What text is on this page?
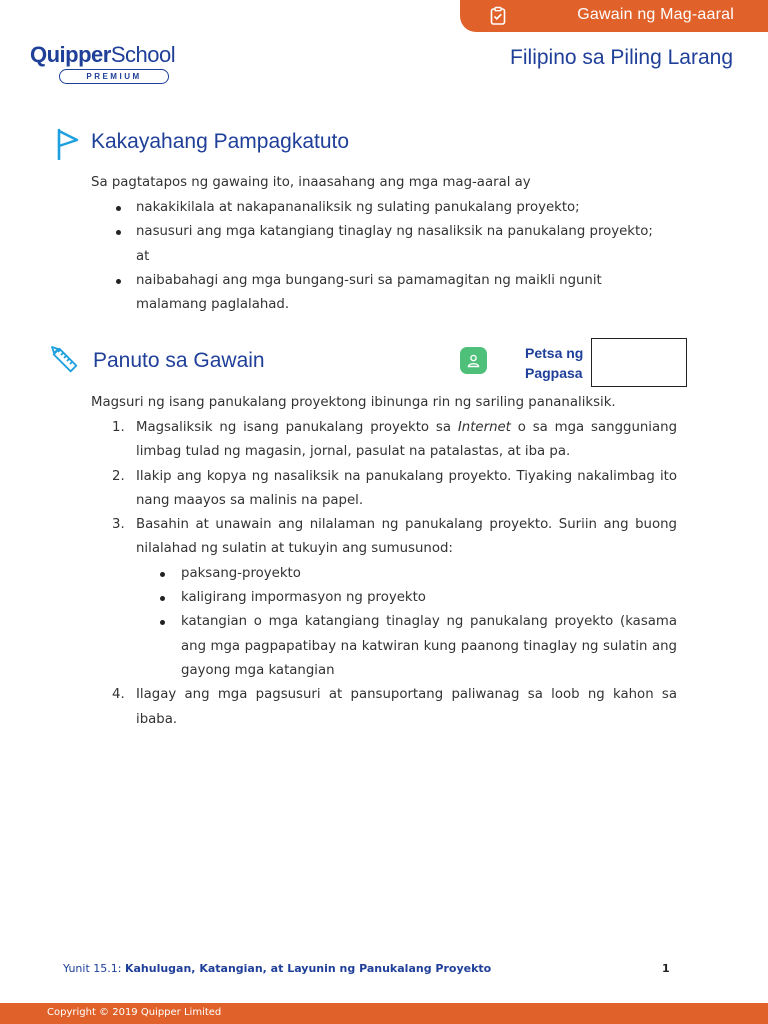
Gawain ng Mag-aaral
QuipperSchool
PREMIUM
Filipino sa Piling Larang
Kakayahang Pampagkatuto
Sa pagtatapos ng gawaing ito, inaasahang ang mga mag-aaral ay
nakakikilala at nakapananaliksik ng sulating panukalang proyekto;
nasusuri ang mga katangiang tinaglay ng nasaliksik na panukalang proyekto; at
naibabahagi ang mga bungang-suri sa pamamagitan ng maikli ngunit malamang paglalahad.
Panuto sa Gawain	Petsa ng Pagpasa
Magsuri ng isang panukalang proyektong ibinunga rin ng sariling pananaliksik.
1. Magsaliksik ng isang panukalang proyekto sa Internet o sa mga sangguniang limbag tulad ng magasin, jornal, pasulat na patalastas, at iba pa.
2. Ilakip ang kopya ng nasaliksik na panukalang proyekto. Tiyaking nakalimbag ito nang maayos sa malinis na papel.
3. Basahin at unawain ang nilalaman ng panukalang proyekto. Suriin ang buong nilalahad ng sulatin at tukuyin ang sumusunod:
paksang-proyekto
kaligirang impormasyon ng proyekto
katangian o mga katangiang tinaglay ng panukalang proyekto (kasama ang mga pagpapatibay na katwiran kung paanong tinaglay ng sulatin ang gayong mga katangian
4. Ilagay ang mga pagsusuri at pansuportang paliwanag sa loob ng kahon sa ibaba.
Yunit 15.1: Kahulugan, Katangian, at Layunin ng Panukalang Proyekto	1
Copyright © 2019 Quipper Limited
